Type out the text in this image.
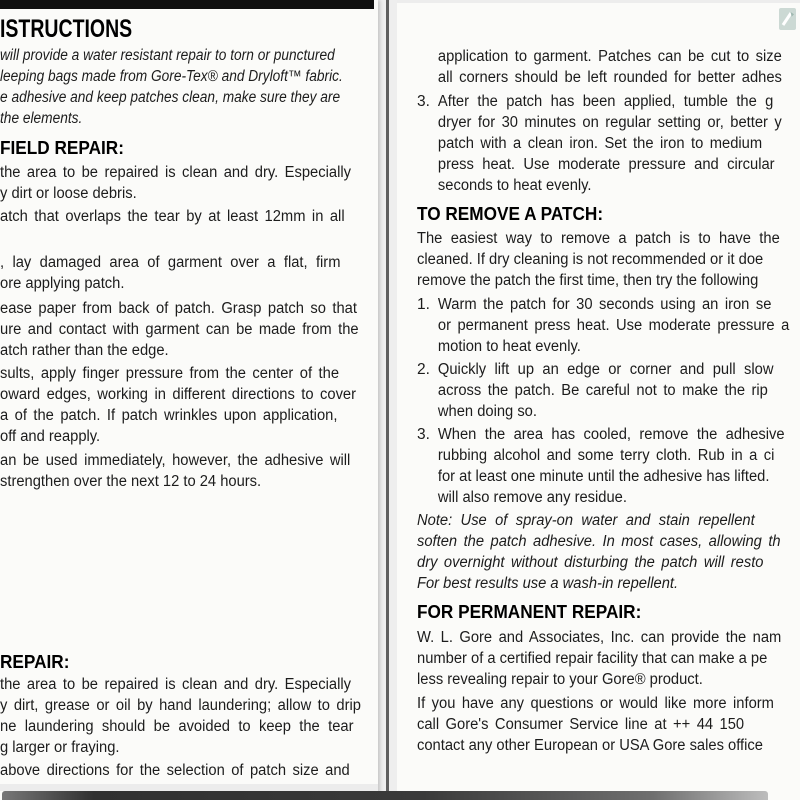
ISTRUCTIONS
will provide a water resistant repair to torn or punctured
leeping bags made from Gore-Tex® and Dryloft™ fabric.
e adhesive and keep patches clean, make sure they are
the elements.
FIELD REPAIR:
the area to be repaired is clean and dry. Especially
y dirt or loose debris.
atch that overlaps the tear by at least 12mm in all
, lay damaged area of garment over a flat, firm
ore applying patch.
ease paper from back of patch. Grasp patch so that
ure and contact with garment can be made from the
atch rather than the edge.
sults, apply finger pressure from the center of the
oward edges, working in different directions to cover
a of the patch. If patch wrinkles upon application,
off and reapply.
an be used immediately, however, the adhesive will
strengthen over the next 12 to 24 hours.
REPAIR:
the area to be repaired is clean and dry. Especially
y dirt, grease or oil by hand laundering; allow to drip
ne laundering should be avoided to keep the tear
g larger or fraying.
above directions for the selection of patch size and
application to garment. Patches can be cut to size
all corners should be left rounded for better adhes
3. After the patch has been applied, tumble the g
dryer for 30 minutes on regular setting or, better y
patch with a clean iron. Set the iron to medium
press heat. Use moderate pressure and circular
seconds to heat evenly.
TO REMOVE A PATCH:
The easiest way to remove a patch is to have the
cleaned. If dry cleaning is not recommended or it doe
remove the patch the first time, then try the following
1. Warm the patch for 30 seconds using an iron se
or permanent press heat. Use moderate pressure a
motion to heat evenly.
2. Quickly lift up an edge or corner and pull slow
across the patch. Be careful not to make the rip
when doing so.
3. When the area has cooled, remove the adhesive
rubbing alcohol and some terry cloth. Rub in a ci
for at least one minute until the adhesive has lifted.
will also remove any residue.
Note: Use of spray-on water and stain repellent
soften the patch adhesive. In most cases, allowing th
dry overnight without disturbing the patch will resto
For best results use a wash-in repellent.
FOR PERMANENT REPAIR:
W. L. Gore and Associates, Inc. can provide the nam
number of a certified repair facility that can make a pe
less revealing repair to your Gore® product.
If you have any questions or would like more inform
call Gore's Consumer Service line at ++ 44 150
contact any other European or USA Gore sales office
